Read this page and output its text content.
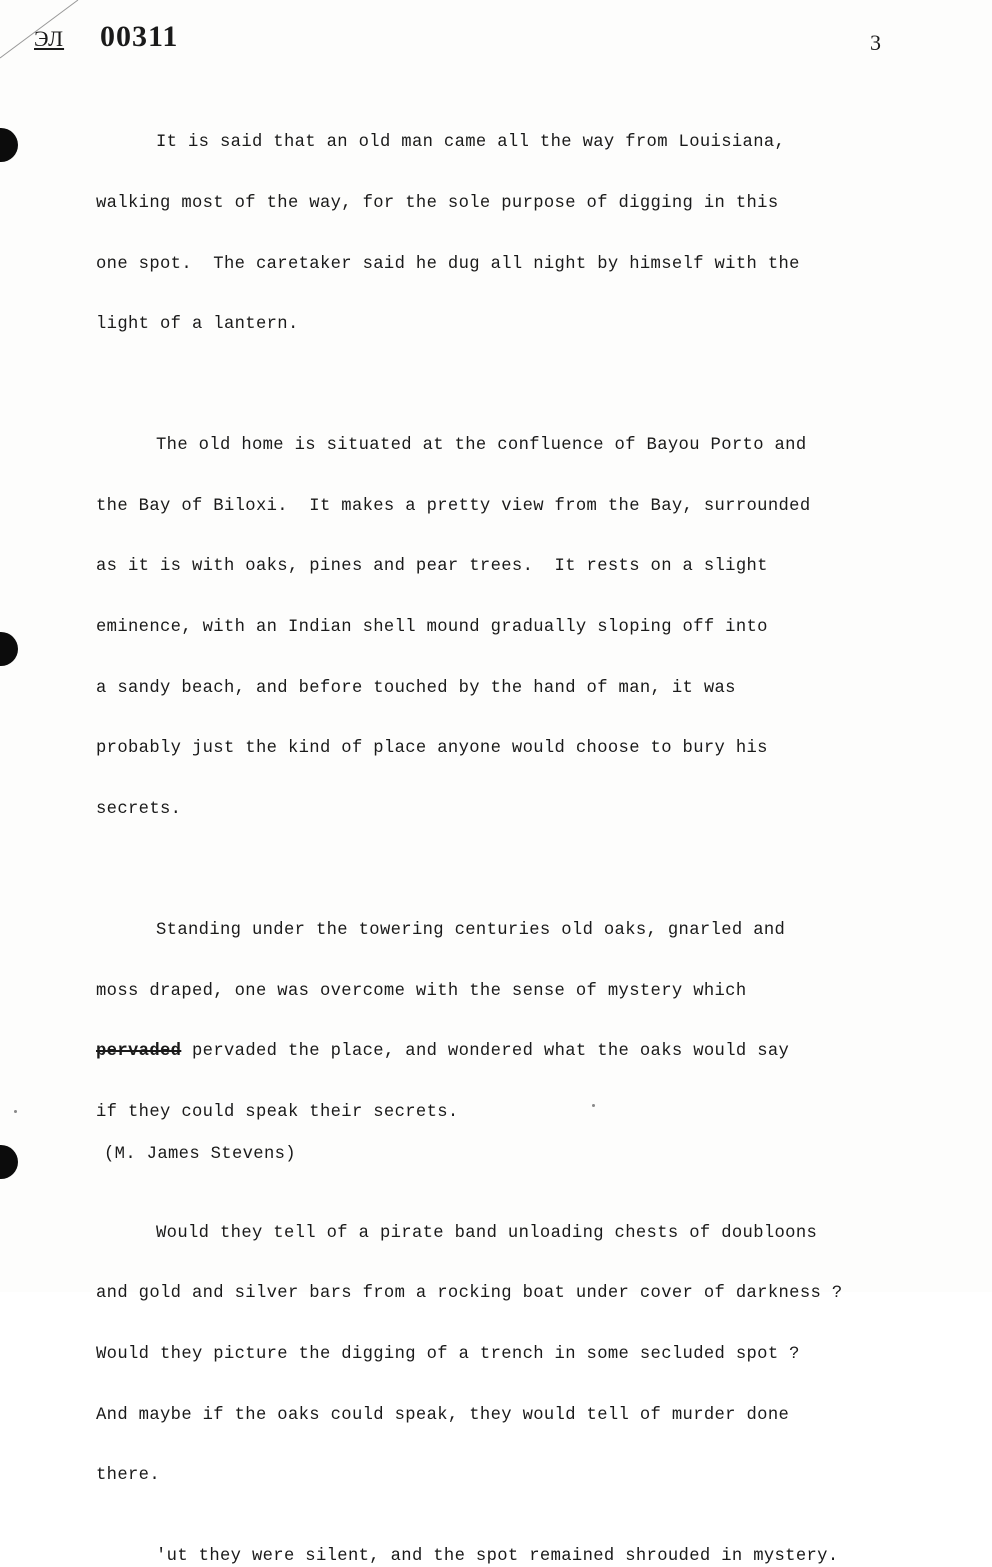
ЭЛ 00311	3

It is said that an old man came all the way from Louisiana,

walking most of the way, for the sole purpose of digging in this

one spot.  The caretaker said he dug all night by himself with the

light of a lantern.

The old home is situated at the confluence of Bayou Porto and

the Bay of Biloxi.  It makes a pretty view from the Bay, surrounded

as it is with oaks, pines and pear trees.  It rests on a slight

eminence, with an Indian shell mound gradually sloping off into

a sandy beach, and before touched by the hand of man, it was

probably just the kind of place anyone would choose to bury his

secrets.

Standing under the towering centuries old oaks, gnarled and

moss draped, one was overcome with the sense of mystery which

pervaded pervaded the place, and wondered what the oaks would say

if they could speak their secrets.

Would they tell of a pirate band unloading chests of doubloons

and gold and silver bars from a rocking boat under cover of darkness ?

Would they picture the digging of a trench in some secluded spot ?

And maybe if the oaks could speak, they would tell of murder done

there.

'ut they were silent, and the spot remained shrouded in mystery.
(M. James Stevens)
